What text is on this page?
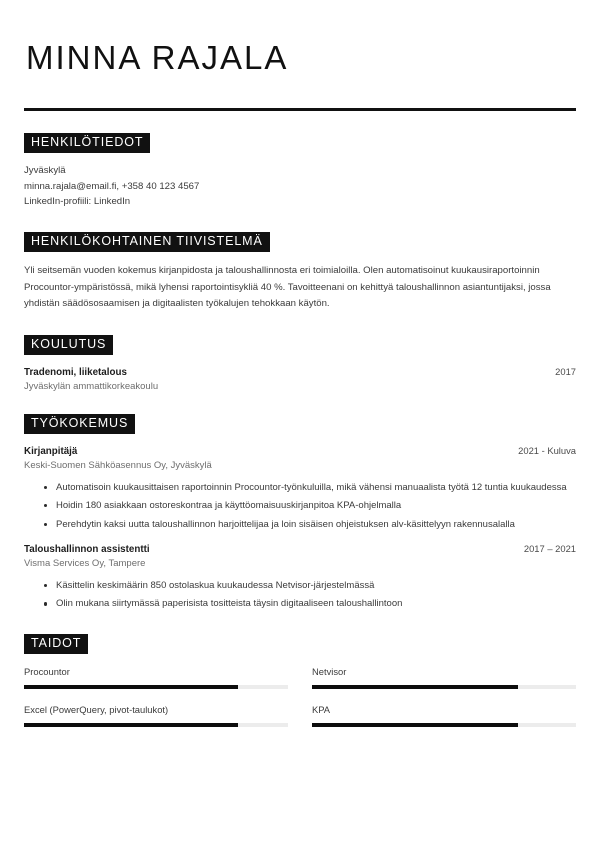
MINNA RAJALA
HENKILÖTIEDOT
Jyväskylä
minna.rajala@email.fi, +358 40 123 4567
LinkedIn-profiili: LinkedIn
HENKILÖKOHTAINEN TIIVISTELMÄ

Yli seitsemän vuoden kokemus kirjanpidosta ja taloushallinnosta eri toimialoilla. Olen automatisoinut kuukausiraportoinnin Procountor-ympäristössä, mikä lyhensi raportointisykliä 40 %. Tavoitteenani on kehittyä taloushallinnon asiantuntijaksi, jossa yhdistän säädösosaamisen ja digitaalisten työkalujen tehokkaan käytön.

KOULUTUS
Tradenomi, liiketalous	2017
Jyväskylän ammattikorkeakoulu
TYÖKOKEMUS
Kirjanpitäjä	2021 - Kuluva
Keski-Suomen Sähköasennus Oy, Jyväskylä
Automatisoin kuukausittaisen raportoinnin Procountor-työnkuluilla, mikä vähensi manuaalista työtä 12 tuntia kuukaudessa
Hoidin 180 asiakkaan ostoreskontraa ja käyttöomaisuuskirjanpitoa KPA-ohjelmalla
Perehdytin kaksi uutta taloushallinnon harjoittelijaa ja loin sisäisen ohjeistuksen alv-käsittelyyn rakennusalalla
Taloushallinnon assistentti	2017 – 2021
Visma Services Oy, Tampere
Käsittelin keskimäärin 850 ostolaskua kuukaudessa Netvisor-järjestelmässä
Olin mukana siirtymässä paperisista tositteista täysin digitaaliseen taloushallintoon
TAIDOT
Procountor	Netvisor
Excel (PowerQuery, pivot-taulukot)	KPA
